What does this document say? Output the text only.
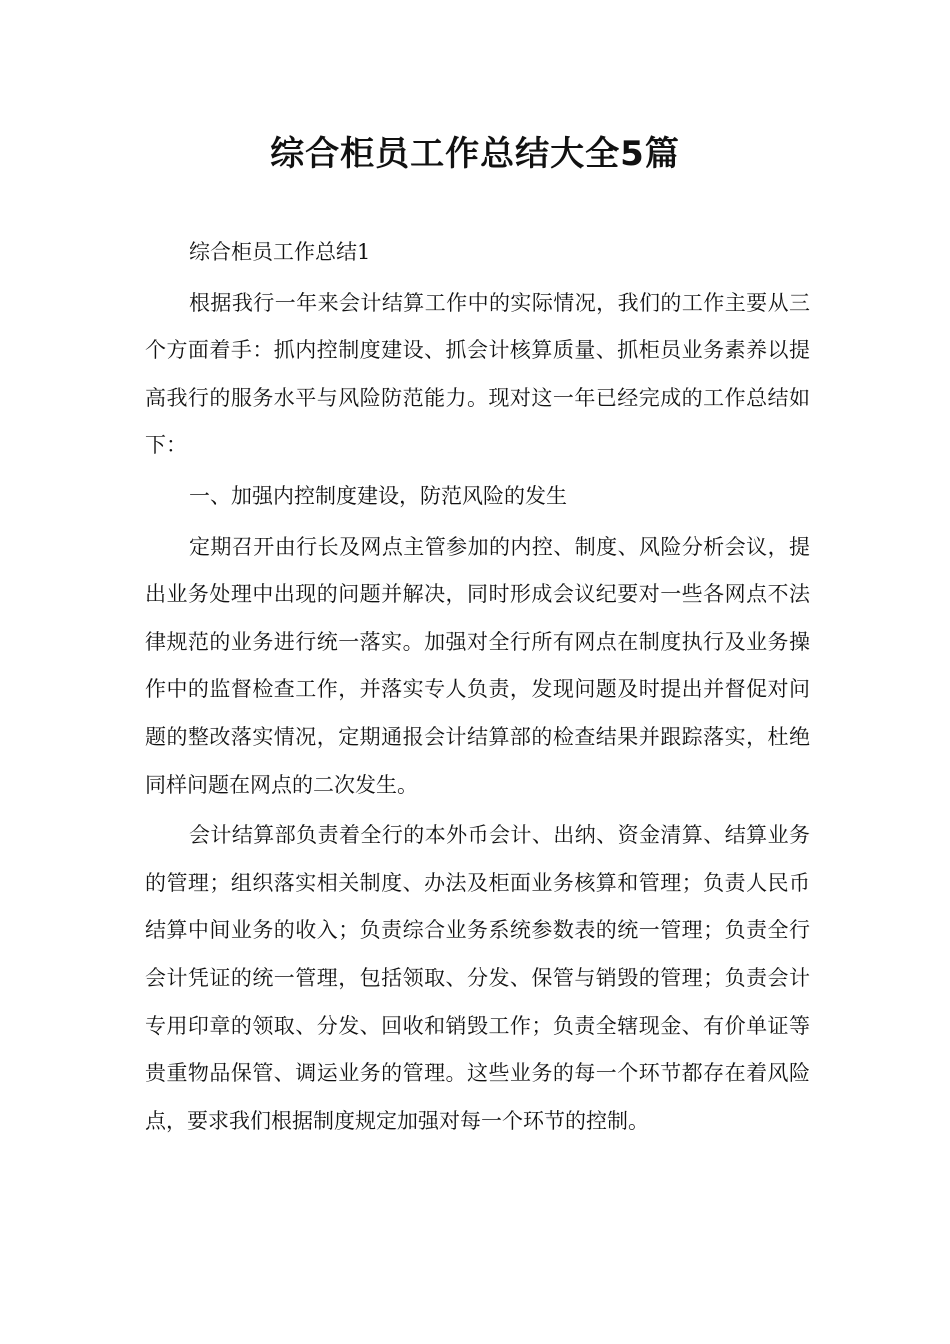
综合柜员工作总结大全5篇

综合柜员工作总结1

根据我行一年来会计结算工作中的实际情况，我们的工作主要从三个方面着手：抓内控制度建设、抓会计核算质量、抓柜员业务素养以提高我行的服务水平与风险防范能力。现对这一年已经完成的工作总结如下：

一、加强内控制度建设，防范风险的发生

定期召开由行长及网点主管参加的内控、制度、风险分析会议，提出业务处理中出现的问题并解决，同时形成会议纪要对一些各网点不法律规范的业务进行统一落实。加强对全行所有网点在制度执行及业务操作中的监督检查工作，并落实专人负责，发现问题及时提出并督促对问题的整改落实情况，定期通报会计结算部的检查结果并跟踪落实，杜绝同样问题在网点的二次发生。

会计结算部负责着全行的本外币会计、出纳、资金清算、结算业务的管理；组织落实相关制度、办法及柜面业务核算和管理；负责人民币结算中间业务的收入；负责综合业务系统参数表的统一管理；负责全行会计凭证的统一管理，包括领取、分发、保管与销毁的管理；负责会计专用印章的领取、分发、回收和销毁工作；负责全辖现金、有价单证等贵重物品保管、调运业务的管理。这些业务的每一个环节都存在着风险点，要求我们根据制度规定加强对每一个环节的控制。
